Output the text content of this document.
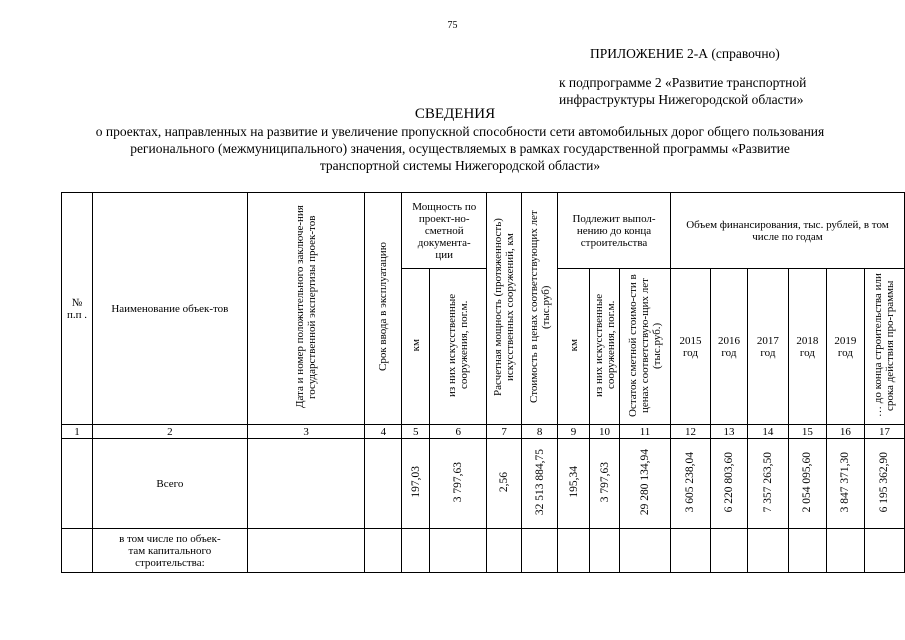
75
ПРИЛОЖЕНИЕ 2-А (справочно)
к подпрограмме 2 «Развитие транспортной инфраструктуры Нижегородской области»
СВЕДЕНИЯ
о проектах, направленных на развитие и увеличение пропускной способности сети автомобильных дорог общего пользования регионального (межмуниципального) значения, осуществляемых в рамках государственной программы «Развитие транспортной системы Нижегородской области»
№ п.п .	Наименование объек-тов	Дата и номер положительного заключе-ния государственной экспертизы проек-тов	Срок ввода в эксплуатацию	Мощность по проект-но-сметной документа-ции		Расчетная мощность (протяженность) искусственных сооружений, км	Стоимость в ценах соответствующих лет (тыс.руб)	Подлежит выпол-нению до конца строительства			Объем финансирования, тыс. рублей, в том числе по годам					
				км	из них искусственные сооружения, пог.м.			км	из них искусственные сооружения, пог.м.	Остаток сметной стоимо-сти в ценах соответствую-щих лет (тыс.руб.)	2015 год	2016 год	2017 год	2018 год	2019 год	… до конца строительства или срока действия про-граммы
1	2	3	4	5	6	7	8	9	10	11	12	13	14	15	16	17
	Всего			197,03	3 797,63	2,56	32 513 884,75	195,34	3 797,63	29 280 134,94	3 605 238,04	6 220 803,60	7 357 263,50	2 054 095,60	3 847 371,30	6 195 362,90
	в том числе по объек-там капитального строительства:															
